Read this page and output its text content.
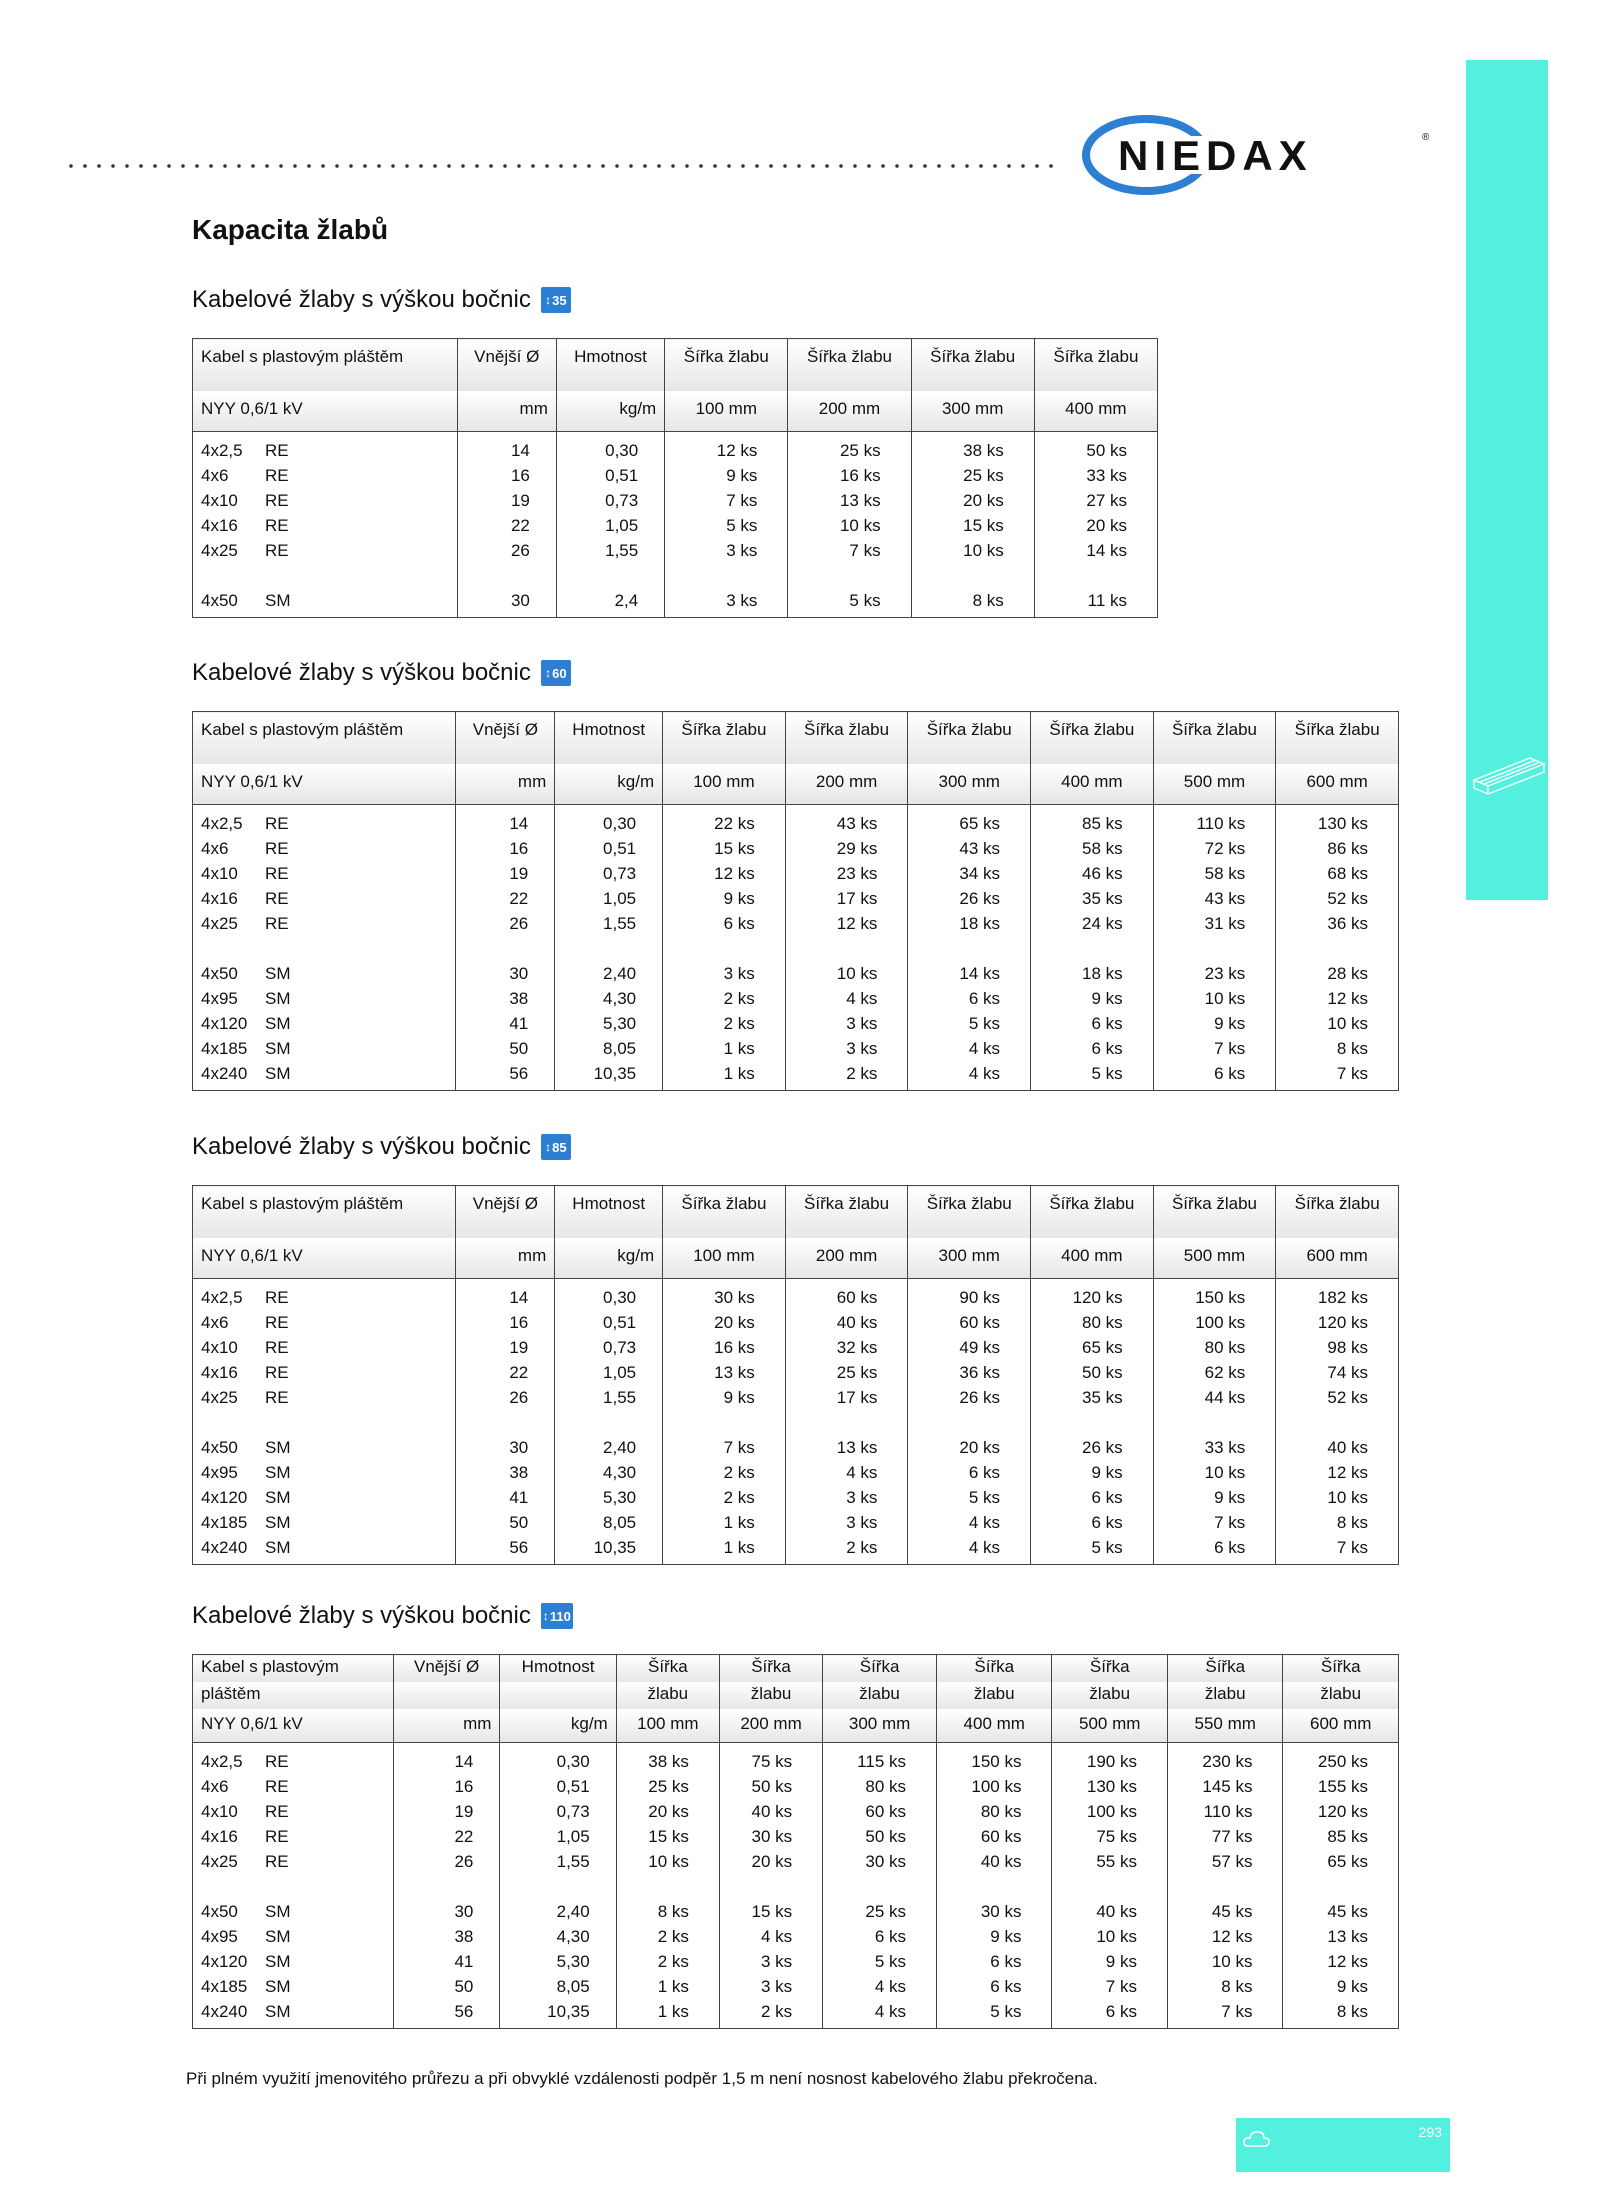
NIEDAX	®
Kapacita žlabů
Kabelové žlaby s výškou bočnic ↕ 35
Kabel s plastovým pláštěm	Vnější Ø	Hmotnost	Šířka žlabu	Šířka žlabu	Šířka žlabu	Šířka žlabu
NYY 0,6/1 kV	mm	kg/m	100 mm	200 mm	300 mm	400 mm
4x2,5 RE	14	0,30	12 ks	25 ks	38 ks	50 ks
4x6 RE	16	0,51	9 ks	16 ks	25 ks	33 ks
4x10 RE	19	0,73	7 ks	13 ks	20 ks	27 ks
4x16 RE	22	1,05	5 ks	10 ks	15 ks	20 ks
4x25 RE	26	1,55	3 ks	7 ks	10 ks	14 ks

4x50 SM	30	2,4	3 ks	5 ks	8 ks	11 ks
Kabelové žlaby s výškou bočnic ↕ 60
Kabel s plastovým pláštěm	Vnější Ø	Hmotnost	Šířka žlabu	Šířka žlabu	Šířka žlabu	Šířka žlabu	Šířka žlabu	Šířka žlabu
NYY 0,6/1 kV	mm	kg/m	100 mm	200 mm	300 mm	400 mm	500 mm	600 mm
4x2,5 RE	14	0,30	22 ks	43 ks	65 ks	85 ks	110 ks	130 ks
4x6 RE	16	0,51	15 ks	29 ks	43 ks	58 ks	72 ks	86 ks
4x10 RE	19	0,73	12 ks	23 ks	34 ks	46 ks	58 ks	68 ks
4x16 RE	22	1,05	9 ks	17 ks	26 ks	35 ks	43 ks	52 ks
4x25 RE	26	1,55	6 ks	12 ks	18 ks	24 ks	31 ks	36 ks

4x50 SM	30	2,40	3 ks	10 ks	14 ks	18 ks	23 ks	28 ks
4x95 SM	38	4,30	2 ks	4 ks	6 ks	9 ks	10 ks	12 ks
4x120 SM	41	5,30	2 ks	3 ks	5 ks	6 ks	9 ks	10 ks
4x185 SM	50	8,05	1 ks	3 ks	4 ks	6 ks	7 ks	8 ks
4x240 SM	56	10,35	1 ks	2 ks	4 ks	5 ks	6 ks	7 ks
Kabelové žlaby s výškou bočnic ↕ 85
Kabel s plastovým pláštěm	Vnější Ø	Hmotnost	Šířka žlabu	Šířka žlabu	Šířka žlabu	Šířka žlabu	Šířka žlabu	Šířka žlabu
NYY 0,6/1 kV	mm	kg/m	100 mm	200 mm	300 mm	400 mm	500 mm	600 mm
4x2,5 RE	14	0,30	30 ks	60 ks	90 ks	120 ks	150 ks	182 ks
4x6 RE	16	0,51	20 ks	40 ks	60 ks	80 ks	100 ks	120 ks
4x10 RE	19	0,73	16 ks	32 ks	49 ks	65 ks	80 ks	98 ks
4x16 RE	22	1,05	13 ks	25 ks	36 ks	50 ks	62 ks	74 ks
4x25 RE	26	1,55	9 ks	17 ks	26 ks	35 ks	44 ks	52 ks

4x50 SM	30	2,40	7 ks	13 ks	20 ks	26 ks	33 ks	40 ks
4x95 SM	38	4,30	2 ks	4 ks	6 ks	9 ks	10 ks	12 ks
4x120 SM	41	5,30	2 ks	3 ks	5 ks	6 ks	9 ks	10 ks
4x185 SM	50	8,05	1 ks	3 ks	4 ks	6 ks	7 ks	8 ks
4x240 SM	56	10,35	1 ks	2 ks	4 ks	5 ks	6 ks	7 ks
Kabelové žlaby s výškou bočnic ↕ 110
Kabel s plastovým	Vnější Ø	Hmotnost	Šířka	Šířka	Šířka	Šířka	Šířka	Šířka	Šířka
pláštěm			žlabu	žlabu	žlabu	žlabu	žlabu	žlabu	žlabu
NYY 0,6/1 kV	mm	kg/m	100 mm	200 mm	300 mm	400 mm	500 mm	550 mm	600 mm
4x2,5 RE	14	0,30	38 ks	75 ks	115 ks	150 ks	190 ks	230 ks	250 ks
4x6 RE	16	0,51	25 ks	50 ks	80 ks	100 ks	130 ks	145 ks	155 ks
4x10 RE	19	0,73	20 ks	40 ks	60 ks	80 ks	100 ks	110 ks	120 ks
4x16 RE	22	1,05	15 ks	30 ks	50 ks	60 ks	75 ks	77 ks	85 ks
4x25 RE	26	1,55	10 ks	20 ks	30 ks	40 ks	55 ks	57 ks	65 ks

4x50 SM	30	2,40	8 ks	15 ks	25 ks	30 ks	40 ks	45 ks	45 ks
4x95 SM	38	4,30	2 ks	4 ks	6 ks	9 ks	10 ks	12 ks	13 ks
4x120 SM	41	5,30	2 ks	3 ks	5 ks	6 ks	9 ks	10 ks	12 ks
4x185 SM	50	8,05	1 ks	3 ks	4 ks	6 ks	7 ks	8 ks	9 ks
4x240 SM	56	10,35	1 ks	2 ks	4 ks	5 ks	6 ks	7 ks	8 ks

Při plném využití jmenovitého průřezu a při obvyklé vzdálenosti podpěr 1,5 m není nosnost kabelového žlabu překročena.

293
